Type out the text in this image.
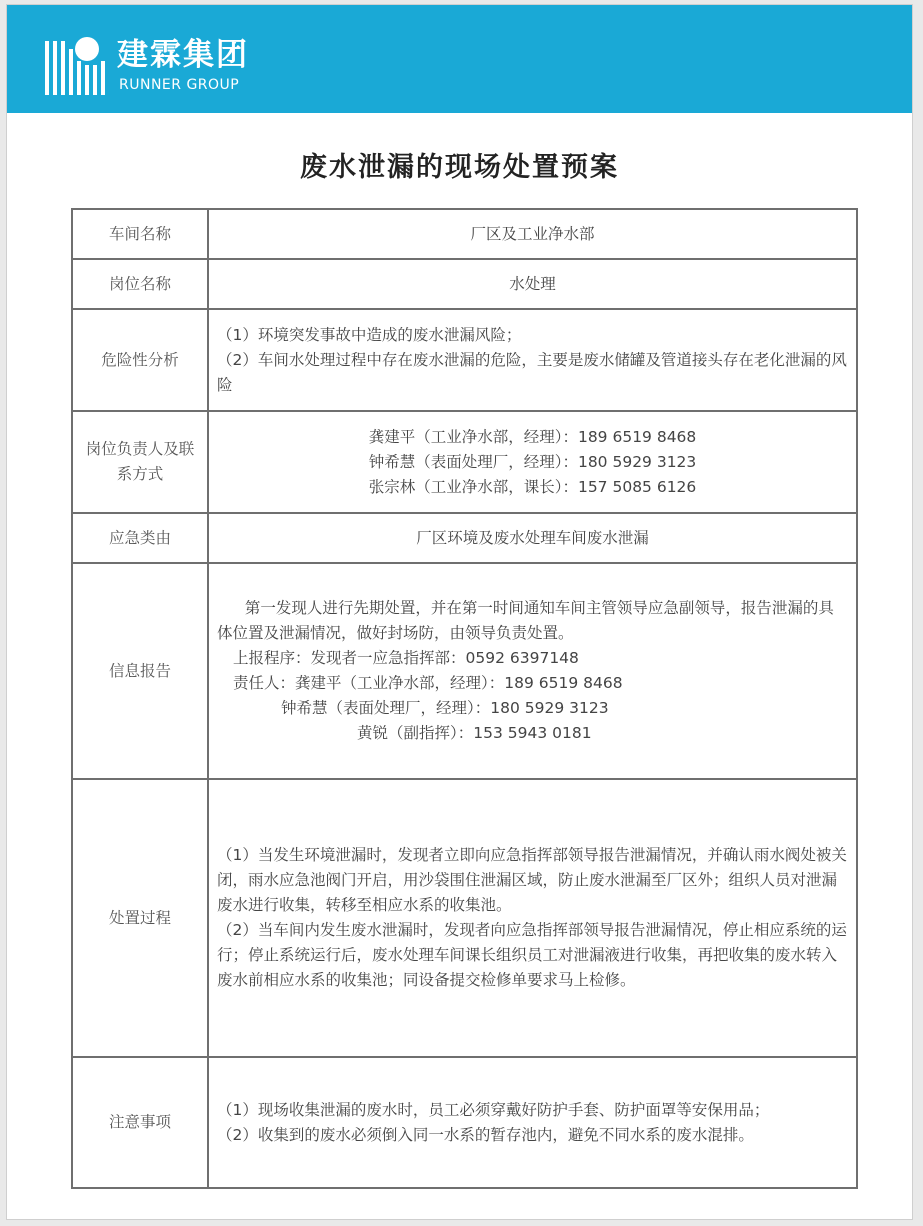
建霖集团
RUNNER GROUP
废水泄漏的现场处置预案
车间名称	厂区及工业净水部
岗位名称	水处理
危险性分析	（1）环境突发事故中造成的废水泄漏风险；

（2）车间水处理过程中存在废水泄漏的危险，主要是废水储罐及管道接头存在老化泄漏的风险

岗位负责人及联系方式	龚建平（工业净水部，经理）：189 6519 8468

钟希慧（表面处理厂，经理）：180 5929 3123

张宗林（工业净水部，课长）：157 5085 6126

应急类由	厂区环境及废水处理车间废水泄漏
信息报告	第一发现人进行先期处置，并在第一时间通知车间主管领导应急副领导，报告泄漏的具体位置及泄漏情况，做好封场防，由领导负责处置。

上报程序：发现者一应急指挥部：0592 6397148

责任人：龚建平（工业净水部，经理）：189 6519 8468

钟希慧（表面处理厂，经理）：180 5929 3123

黄锐（副指挥）：153 5943 0181

处置过程	（1）当发生环境泄漏时，发现者立即向应急指挥部领导报告泄漏情况，并确认雨水阀处被关闭，雨水应急池阀门开启，用沙袋围住泄漏区域，防止废水泄漏至厂区外；组织人员对泄漏废水进行收集，转移至相应水系的收集池。

（2）当车间内发生废水泄漏时，发现者向应急指挥部领导报告泄漏情况，停止相应系统的运行；停止系统运行后，废水处理车间课长组织员工对泄漏液进行收集，再把收集的废水转入废水前相应水系的收集池；同设备提交检修单要求马上检修。

注意事项	（1）现场收集泄漏的废水时，员工必须穿戴好防护手套、防护面罩等安保用品；

（2）收集到的废水必须倒入同一水系的暂存池内，避免不同水系的废水混排。
